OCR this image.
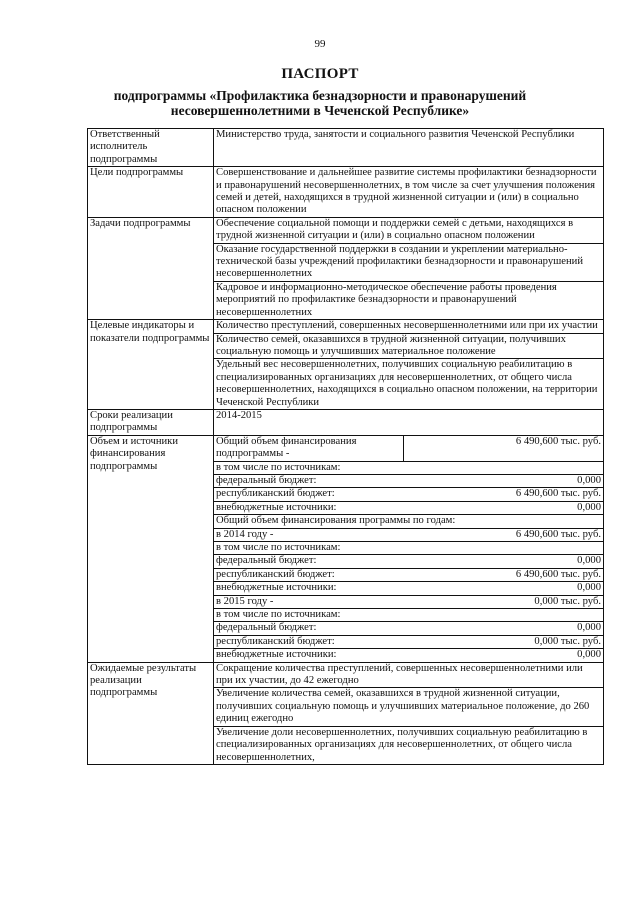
99
ПАСПОРТ
подпрограммы «Профилактика безнадзорности и правонарушений несовершеннолетними в Чеченской Республике»
Ответственный исполнитель подпрограммы	Министерство труда, занятости и социального развития Чеченской Республики
Цели подпрограммы	Совершенствование и дальнейшее развитие системы профилактики безнадзорности и правонарушений несовершеннолетних, в том числе за счет улучшения положения семей и детей, находящихся в трудной жизненной ситуации и (или) в социально опасном положении
Задачи подпрограммы	Обеспечение социальной помощи и поддержки семей с детьми, находящихся в трудной жизненной ситуации и (или) в социально опасном положении
Оказание государственной поддержки в создании и укреплении материально-технической базы учреждений профилактики безнадзорности и правонарушений несовершеннолетних
Кадровое и информационно-методическое обеспечение работы проведения мероприятий по профилактике безнадзорности и правонарушений несовершеннолетних

Целевые индикаторы и показатели подпрограммы	
Количество преступлений, совершенных несовершеннолетними или при их участии
Количество семей, оказавшихся в трудной жизненной ситуации, получивших социальную помощь и улучшивших материальное положение
Удельный вес несовершеннолетних, получивших социальную реабилитацию в специализированных организациях для несовершеннолетних, от общего числа несовершеннолетних, находящихся в социально опасном положении, на территории Чеченской Республики

Сроки реализации подпрограммы	2014-2015
Объем и источники финансирования подпрограммы	
Общий объем финансирования подпрограммы -	6 490,600 тыс. руб.
в том числе по источникам:
федеральный бюджет:	0,000
республиканский бюджет:	6 490,600 тыс. руб.
внебюджетные источники:	0,000
Общий объем финансирования программы по годам:
в 2014 году -	6 490,600 тыс. руб.
в том числе по источникам:
федеральный бюджет:	0,000
республиканский бюджет:	6 490,600 тыс. руб.
внебюджетные источники:	0,000
в 2015 году -	0,000 тыс. руб.
в том числе по источникам:
федеральный бюджет:	0,000
республиканский бюджет:	0,000 тыс. руб.
внебюджетные источники:	0,000

Ожидаемые результаты реализации подпрограммы	
Сокращение количества преступлений, совершенных несовершеннолетними или при их участии, до 42 ежегодно
Увеличение количества семей, оказавшихся в трудной жизненной ситуации, получивших социальную помощь и улучшивших материальное положение, до 260 единиц ежегодно
Увеличение доли несовершеннолетних, получивших социальную реабилитацию в специализированных организациях для несовершеннолетних, от общего числа несовершеннолетних,
